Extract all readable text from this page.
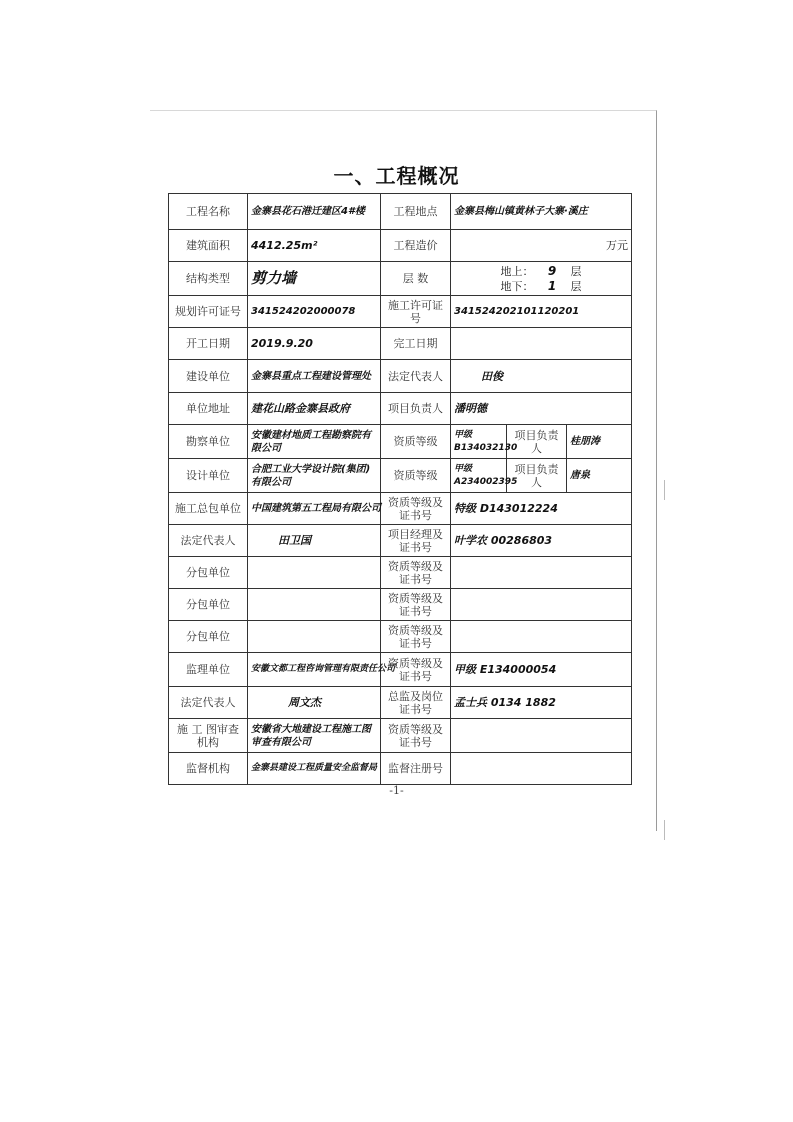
一、工程概况
工程名称	金寨县花石港迁建区4#楼	工程地点	金寨县梅山镇黄林子大寨·溪庄		
建筑面积	4412.25m²	工程造价	万元		
结构类型	剪力墙	层 数	地上： 9 层
地下： 1 层		

规划许可证号	341524202000078	施工许可证号	341524202101120201		
开工日期	2019.9.20	完工日期			
建设单位	金寨县重点工程建设管理处	法定代表人	田俊		
单位地址	建花山路金寨县政府	项目负责人	潘明德		
勘察单位	安徽建材地质工程勘察院有限公司	资质等级	甲级 B134032130	项目负责人	桂朋涛
设计单位	合肥工业大学设计院(集团)有限公司	资质等级	甲级 A234002395	项目负责人	唐泉
施工总包单位	中国建筑第五工程局有限公司	资质等级及证书号	特级 D143012224		
法定代表人	田卫国	项目经理及证书号	叶学农 00286803		
分包单位		资质等级及证书号			
分包单位		资质等级及证书号			
分包单位		资质等级及证书号			
监理单位	安徽文都工程咨询管理有限责任公司	资质等级及证书号	甲级 E134000054		
法定代表人	周文杰	总监及岗位证书号	孟士兵 0134 1882		
施 工 图审查机构	安徽省大地建设工程施工图审查有限公司	资质等级及证书号			
监督机构	金寨县建设工程质量安全监督局	监督注册号			
-1-
